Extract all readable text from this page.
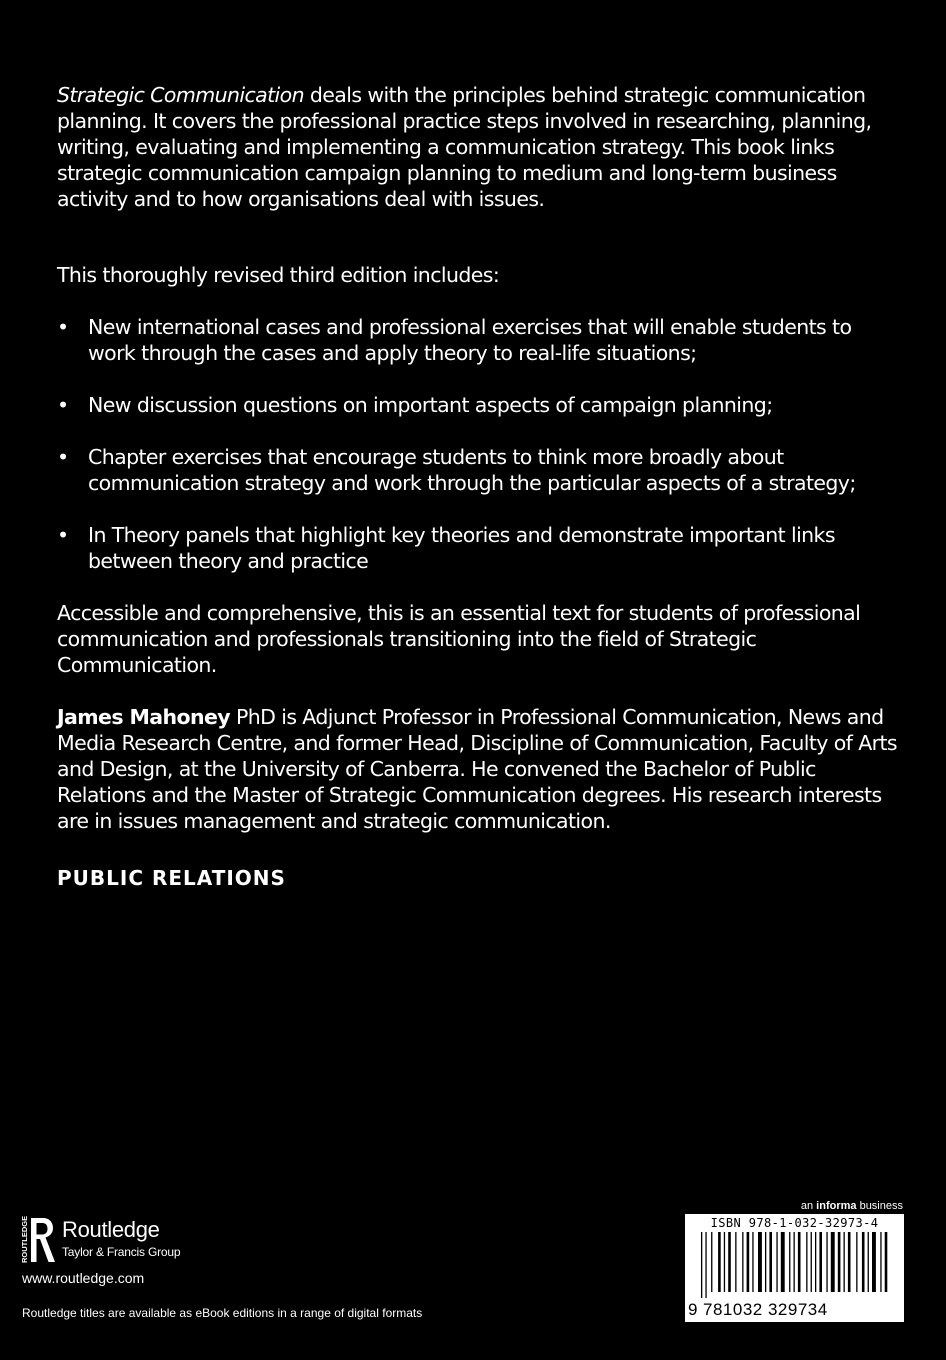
Strategic Communication deals with the principles behind strategic communication planning. It covers the professional practice steps involved in researching, planning, writing, evaluating and implementing a communication strategy. This book links strategic communication campaign planning to medium and long-term business activity and to how organisations deal with issues.

This thoroughly revised third edition includes:

• New international cases and professional exercises that will enable students to work through the cases and apply theory to real-life situations;
• New discussion questions on important aspects of campaign planning;
• Chapter exercises that encourage students to think more broadly about communication strategy and work through the particular aspects of a strategy;
• In Theory panels that highlight key theories and demonstrate important links between theory and practice

Accessible and comprehensive, this is an essential text for students of professional communication and professionals transitioning into the field of Strategic Communication.

James Mahoney PhD is Adjunct Professor in Professional Communication, News and Media Research Centre, and former Head, Discipline of Communication, Faculty of Arts and Design, at the University of Canberra. He convened the Bachelor of Public Relations and the Master of Strategic Communication degrees. His research interests are in issues management and strategic communication.

PUBLIC RELATIONS

ROUTLEDGE Routledge
Taylor & Francis Group
www.routledge.com
Routledge titles are available as eBook editions in a range of digital formats
an informa business
ISBN 978-1-032-32973-4
9 781032 329734
